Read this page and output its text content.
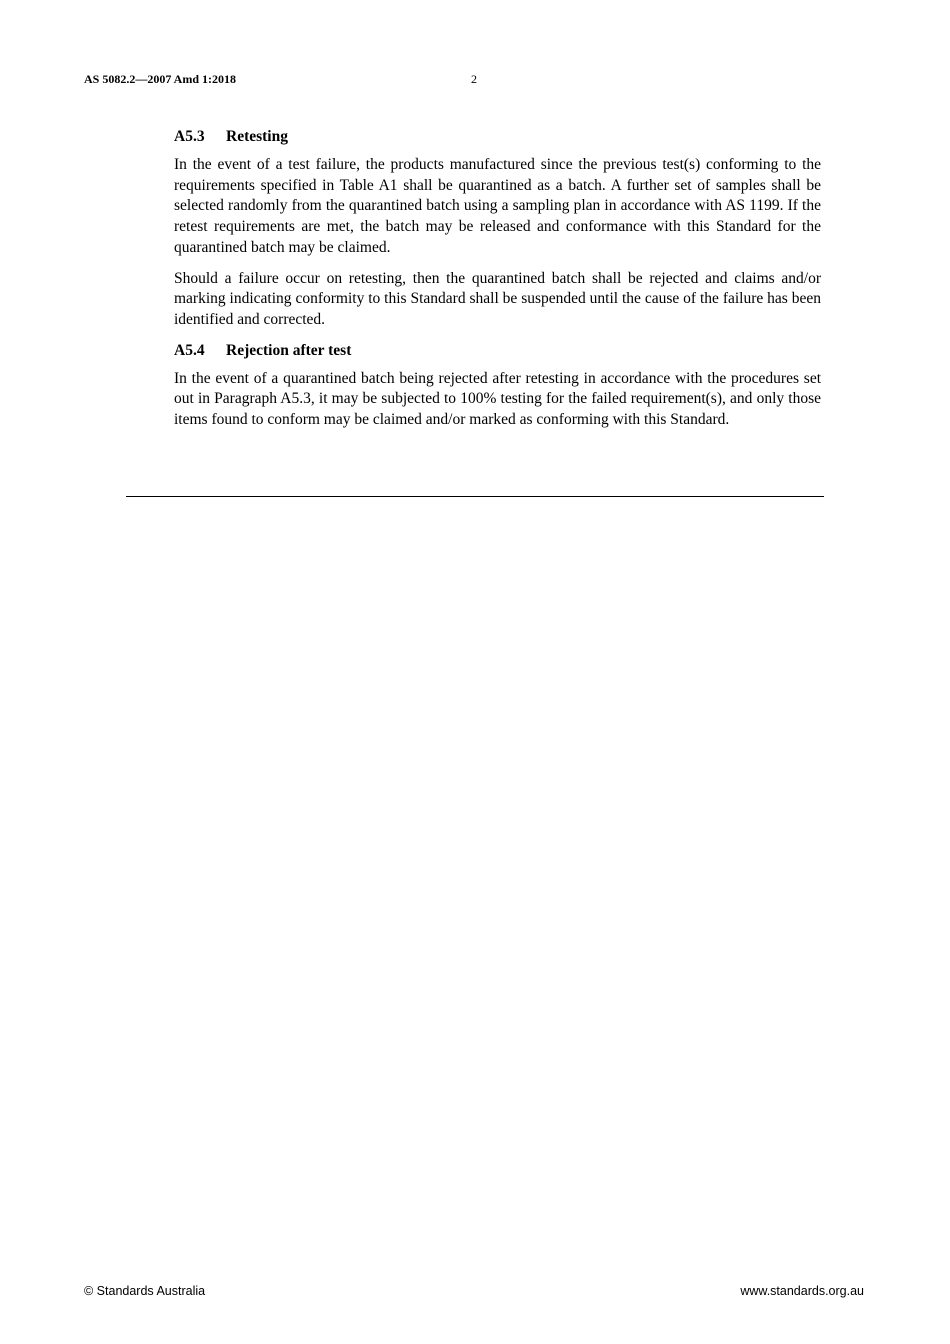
AS 5082.2—2007 Amd 1:2018	2
A5.3 Retesting

In the event of a test failure, the products manufactured since the previous test(s) conforming to the requirements specified in Table A1 shall be quarantined as a batch. A further set of samples shall be selected randomly from the quarantined batch using a sampling plan in accordance with AS 1199. If the retest requirements are met, the batch may be released and conformance with this Standard for the quarantined batch may be claimed.

Should a failure occur on retesting, then the quarantined batch shall be rejected and claims and/or marking indicating conformity to this Standard shall be suspended until the cause of the failure has been identified and corrected.

A5.4 Rejection after test

In the event of a quarantined batch being rejected after retesting in accordance with the procedures set out in Paragraph A5.3, it may be subjected to 100% testing for the failed requirement(s), and only those items found to conform may be claimed and/or marked as conforming with this Standard.

© Standards Australia	www.standards.org.au
